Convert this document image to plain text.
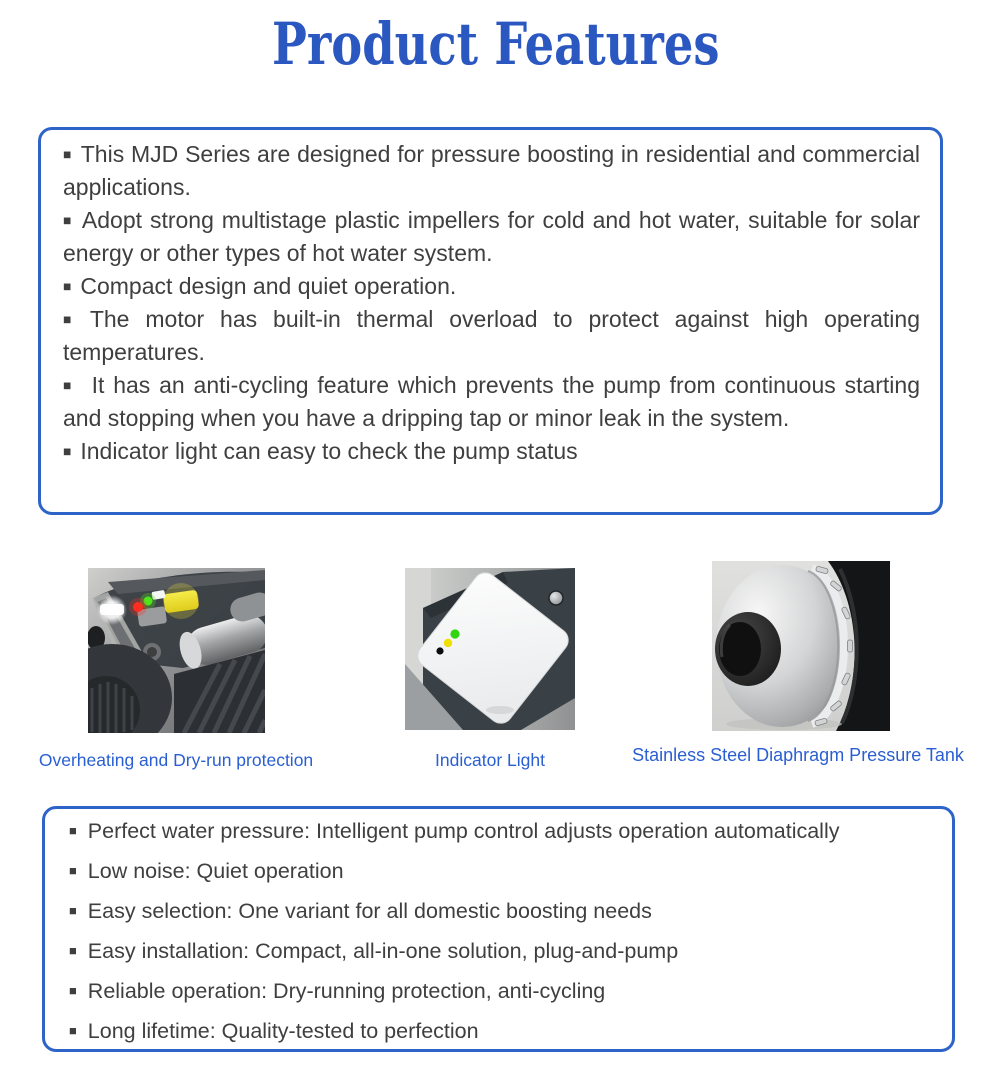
Product Features

■ This MJD Series are designed for pressure boosting in residential and commercial applications.

■ Adopt strong multistage plastic impellers for cold and hot water, suitable for solar energy or other types of hot water system.

■ Compact design and quiet operation.

■ The motor has built-in thermal overload to protect against high operating temperatures.

■ It has an anti-cycling feature which prevents the pump from continuous starting and stopping when you have a dripping tap or minor leak in the system.

■ Indicator light can easy to check the pump status

Overheating and Dry-run protection	Indicator Light	Stainless Steel Diaphragm Pressure Tank

■ Perfect water pressure: Intelligent pump control adjusts operation automatically

■ Low noise: Quiet operation

■ Easy selection: One variant for all domestic boosting needs

■ Easy installation: Compact, all-in-one solution, plug-and-pump

■ Reliable operation: Dry-running protection, anti-cycling

■ Long lifetime: Quality-tested to perfection
